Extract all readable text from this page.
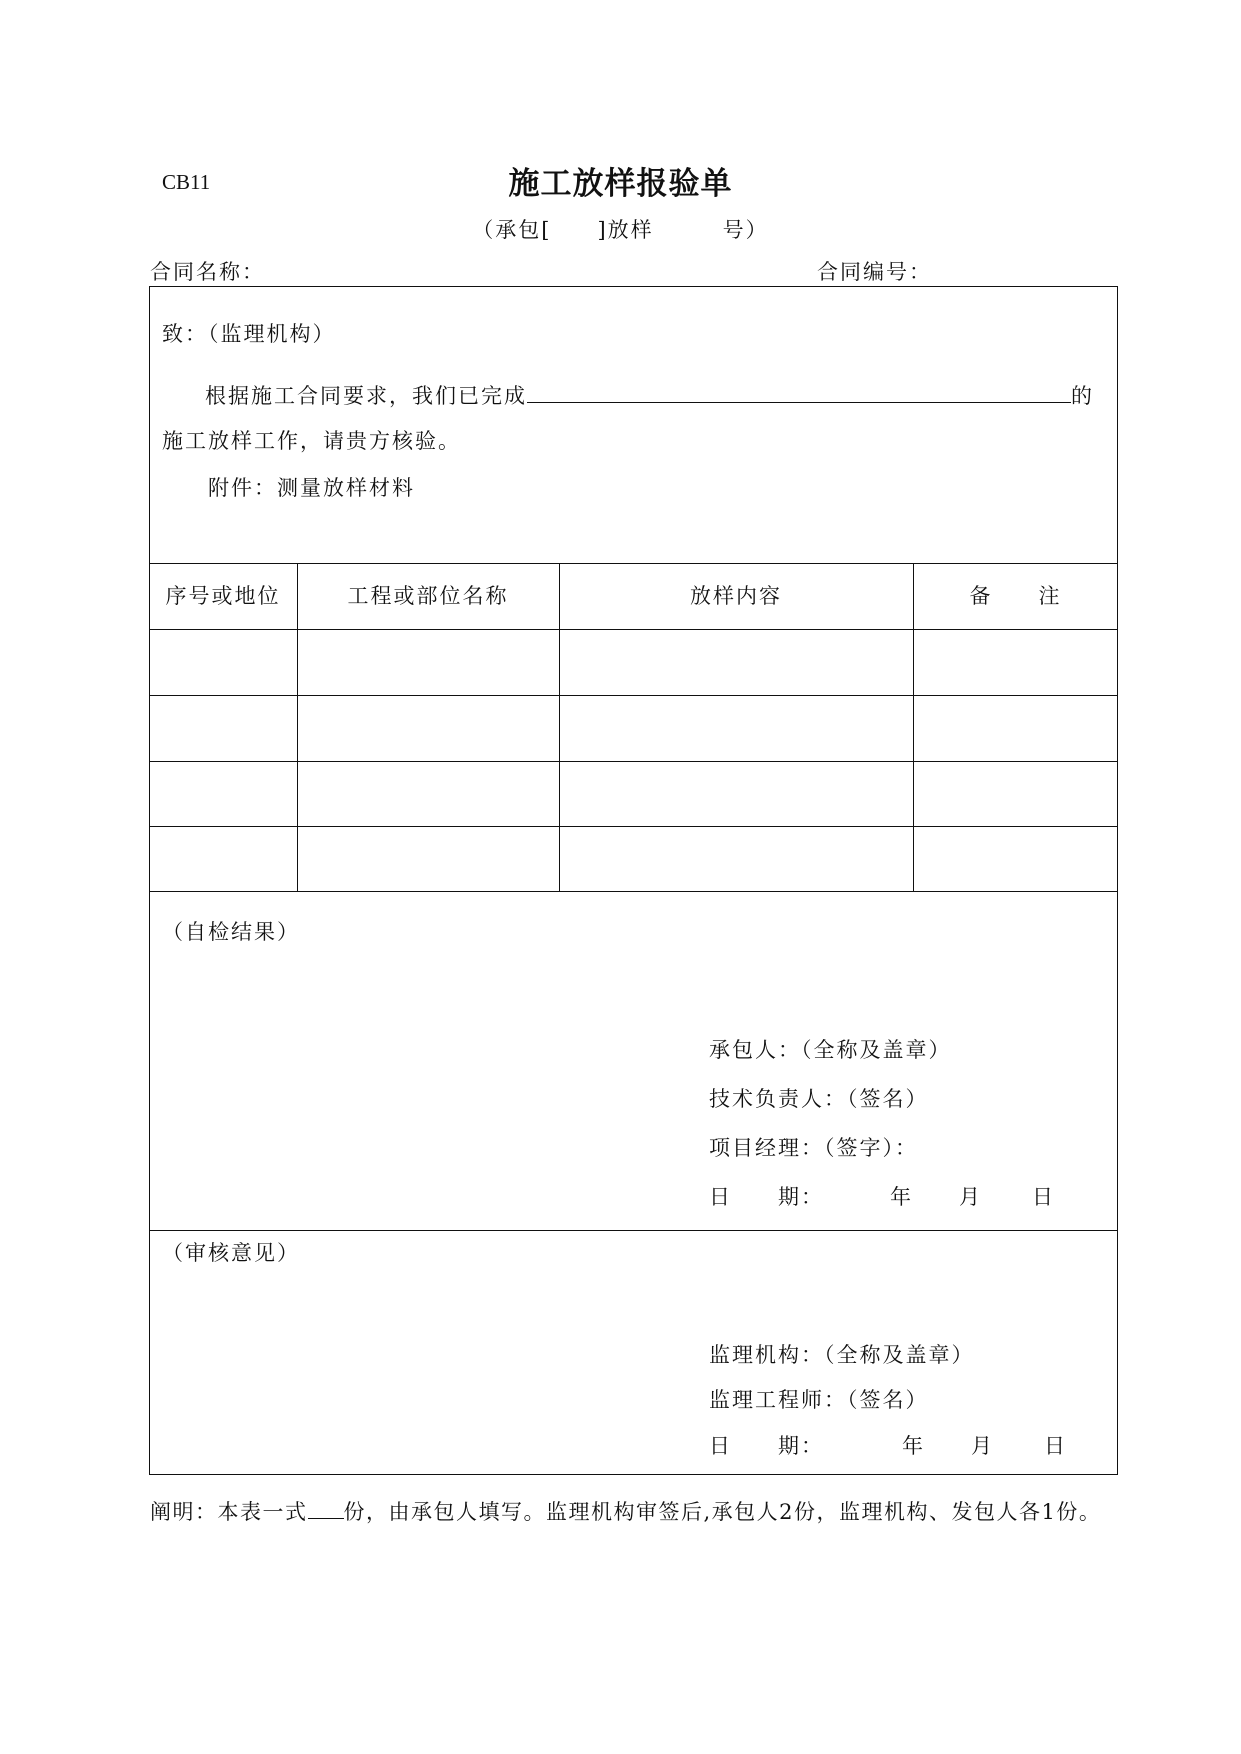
CB11	施工放样报验单
（承包[　　]放样　　　号）
合同名称：	合同编号：
致：（监理机构）
根据施工合同要求，我们已完成	的
施工放样工作，请贵方核验。
附件：测量放样材料
序号或地位	工程或部位名称	放样内容	备　　注
（自检结果）
承包人：（全称及盖章）
技术负责人：（签名）
项目经理：（签字）：
日　　期：	年 月 日
（审核意见）
监理机构：（全称及盖章）
监理工程师：（签名）
日　　期：	年 月 日
阐明：本表一式 份，由承包人填写。监理机构审签后,承包人2份，监理机构、发包人各1份。
